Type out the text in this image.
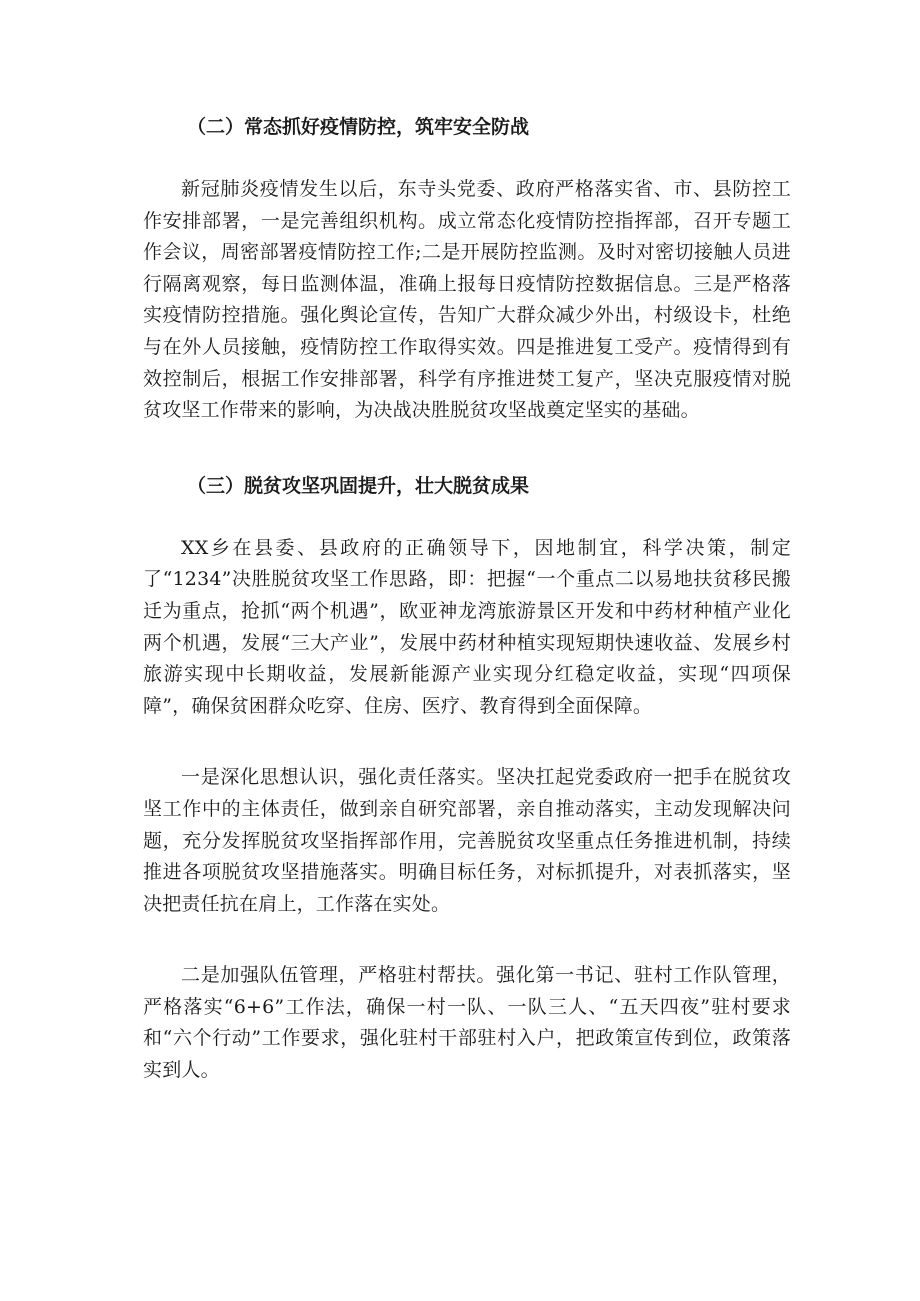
（二）常态抓好疫情防控，筑牢安全防战

新冠肺炎疫情发生以后，东寺头党委、政府严格落实省、市、县防控工作安排部署，一是完善组织机构。成立常态化疫情防控指挥部，召开专题工作会议，周密部署疫情防控工作;二是开展防控监测。及时对密切接触人员进行隔离观察，每日监测体温，准确上报每日疫情防控数据信息。三是严格落实疫情防控措施。强化舆论宣传，告知广大群众减少外出，村级设卡，杜绝与在外人员接触，疫情防控工作取得实效。四是推进复工受产。疫情得到有效控制后，根据工作安排部署，科学有序推进焚工复产，坚决克服疫情对脱贫攻坚工作带来的影响，为决战决胜脱贫攻坚战奠定坚实的基础。

（三）脱贫攻坚巩固提升，壮大脱贫成果

XX乡在县委、县政府的正确领导下，因地制宜，科学决策，制定了“1234”决胜脱贫攻坚工作思路，即：把握“一个重点二以易地扶贫移民搬迁为重点，抢抓“两个机遇”，欧亚神龙湾旅游景区开发和中药材种植产业化两个机遇，发展“三大产业”，发展中药材种植实现短期快速收益、发展乡村旅游实现中长期收益，发展新能源产业实现分红稳定收益，实现“四项保障”，确保贫困群众吃穿、住房、医疗、教育得到全面保障。

一是深化思想认识，强化责任落实。坚决扛起党委政府一把手在脱贫攻坚工作中的主体责任，做到亲自研究部署，亲自推动落实，主动发现解决问题，充分发挥脱贫攻坚指挥部作用，完善脱贫攻坚重点任务推进机制，持续推进各项脱贫攻坚措施落实。明确目标任务，对标抓提升，对表抓落实，坚决把责任抗在肩上，工作落在实处。

二是加强队伍管理，严格驻村帮扶。强化第一书记、驻村工作队管理，严格落实“6+6”工作法，确保一村一队、一队三人、“五天四夜”驻村要求和“六个行动”工作要求，强化驻村干部驻村入户，把政策宣传到位，政策落实到人。
